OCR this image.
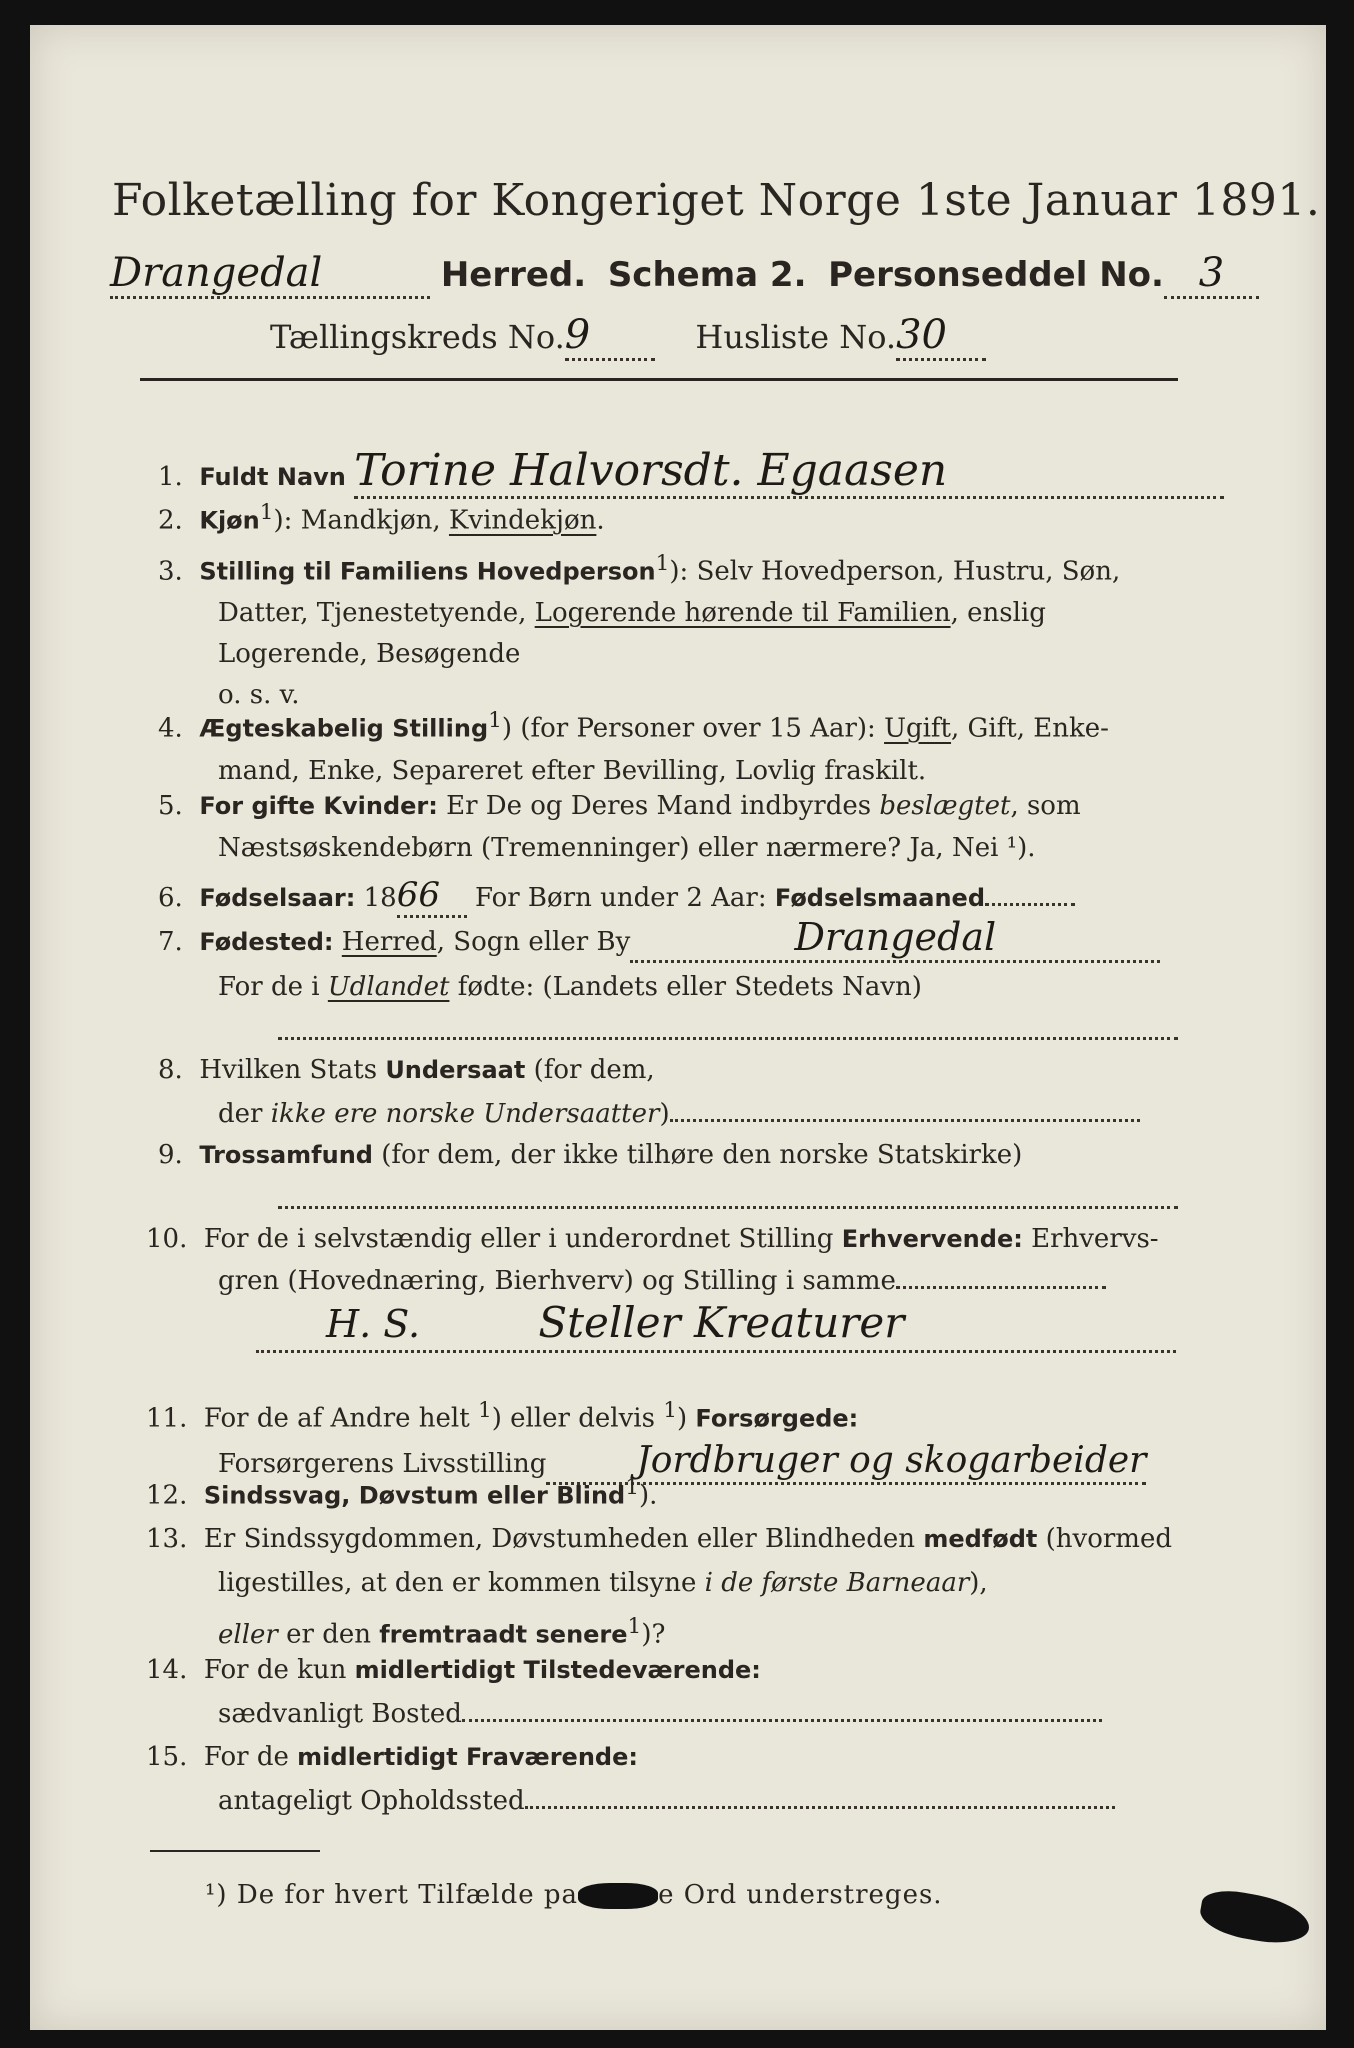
Folketælling for Kongeriget Norge 1ste Januar 1891.
Drangedal	Herred. Schema 2. Personseddel No. 3
Tællingskreds No.9	Husliste No.30
1. Fuldt Navn Torine Halvorsdt. Egaasen
2. Kjøn$^1$): Mandkjøn, Kvindekjøn.
3. Stilling til Familiens Hovedperson$^1$): Selv Hovedperson, Hustru, Søn,
Datter, Tjenestetyende, Logerende hørende til Familien, enslig
Logerende, Besøgende
o. s. v.
4. Ægteskabelig Stilling$^1$) (for Personer over 15 Aar): Ugift, Gift, Enke-
mand, Enke, Separeret efter Bevilling, Lovlig fraskilt.
5. For gifte Kvinder: Er De og Deres Mand indbyrdes beslægtet, som
Næstsøskendebørn (Tremenninger) eller nærmere? Ja, Nei ¹).
6. Fødselsaar: 1866 For Børn under 2 Aar: Fødselsmaaned
7. Fødested: Herred, Sogn eller By	Drangedal
For de i Udlandet fødte: (Landets eller Stedets Navn)

8. Hvilken Stats Undersaat (for dem,
der ikke ere norske Undersaatter)
9. Trossamfund (for dem, der ikke tilhøre den norske Statskirke)

10. For de i selvstændig eller i underordnet Stilling Erhvervende: Erhvervs-
gren (Hovednæring, Bierhverv) og Stilling i samme
H. S.	Steller Kreaturer
11. For de af Andre helt $^1$) eller delvis $^1$) Forsørgede:
Forsørgerens Livsstilling Jordbruger og skogarbeider
12. Sindssvag, Døvstum eller Blind$^1$).
13. Er Sindssygdommen, Døvstumheden eller Blindheden medfødt (hvormed
ligestilles, at den er kommen tilsyne i de første Barneaar),
eller er den fremtraadt senere$^1$)?
14. For de kun midlertidigt Tilstedeværende:
sædvanligt Bosted
15. For de midlertidigt Fraværende:
antageligt Opholdssted
¹) De for hvert Tilfælde pa	e Ord understreges.
